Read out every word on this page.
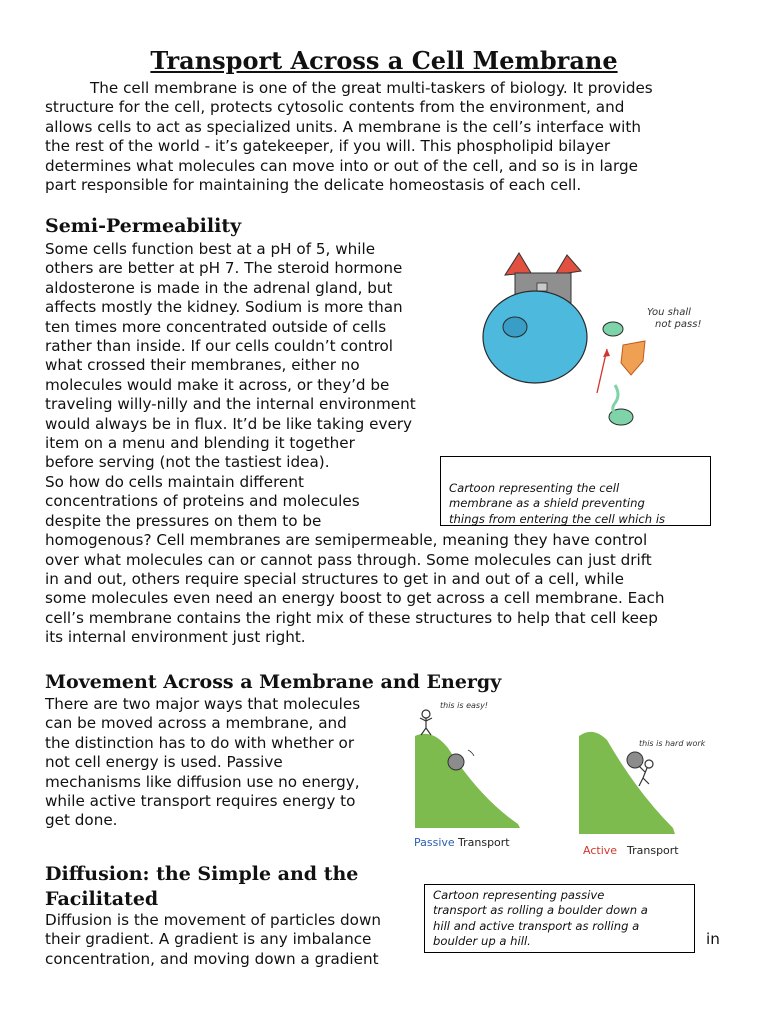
Transport Across a Cell Membrane

The cell membrane is one of the great multi-taskers of biology. It provides
structure for the cell, protects cytosolic contents from the environment, and
allows cells to act as specialized units. A membrane is the cell’s interface with
the rest of the world - it’s gatekeeper, if you will. This phospholipid bilayer
determines what molecules can move into or out of the cell, and so is in large
part responsible for maintaining the delicate homeostasis of each cell.

Semi-Permeability

Some cells function best at a pH of 5, while
others are better at pH 7. The steroid hormone
aldosterone is made in the adrenal gland, but
affects mostly the kidney. Sodium is more than
ten times more concentrated outside of cells
rather than inside. If our cells couldn’t control
what crossed their membranes, either no
molecules would make it across, or they’d be
traveling willy-nilly and the internal environment
would always be in flux. It’d be like taking every
item on a menu and blending it together
before serving (not the tastiest idea).
So how do cells maintain different
concentrations of proteins and molecules
despite the pressures on them to be
homogenous? Cell membranes are semipermeable, meaning they have control
over what molecules can or cannot pass through. Some molecules can just drift
in and out, others require special structures to get in and out of a cell, while
some molecules even need an energy boost to get across a cell membrane. Each
cell’s membrane contains the right mix of these structures to help that cell keep
its internal environment just right.

You shall
not pass!
Cartoon representing the cell
membrane as a shield preventing
things from entering the cell which is
Movement Across a Membrane and Energy

There are two major ways that molecules
can be moved across a membrane, and
the distinction has to do with whether or
not cell energy is used. Passive
mechanisms like diffusion use no energy,
while active transport requires energy to
get done.

this is easy!
Passive Transport
this is hard work
Active Transport
Diffusion: the Simple and the
Facilitated

Diffusion is the movement of particles down
their gradient. A gradient is any imbalance
concentration, and moving down a gradient

in
Cartoon representing passive
transport as rolling a boulder down a
hill and active transport as rolling a
boulder up a hill.
